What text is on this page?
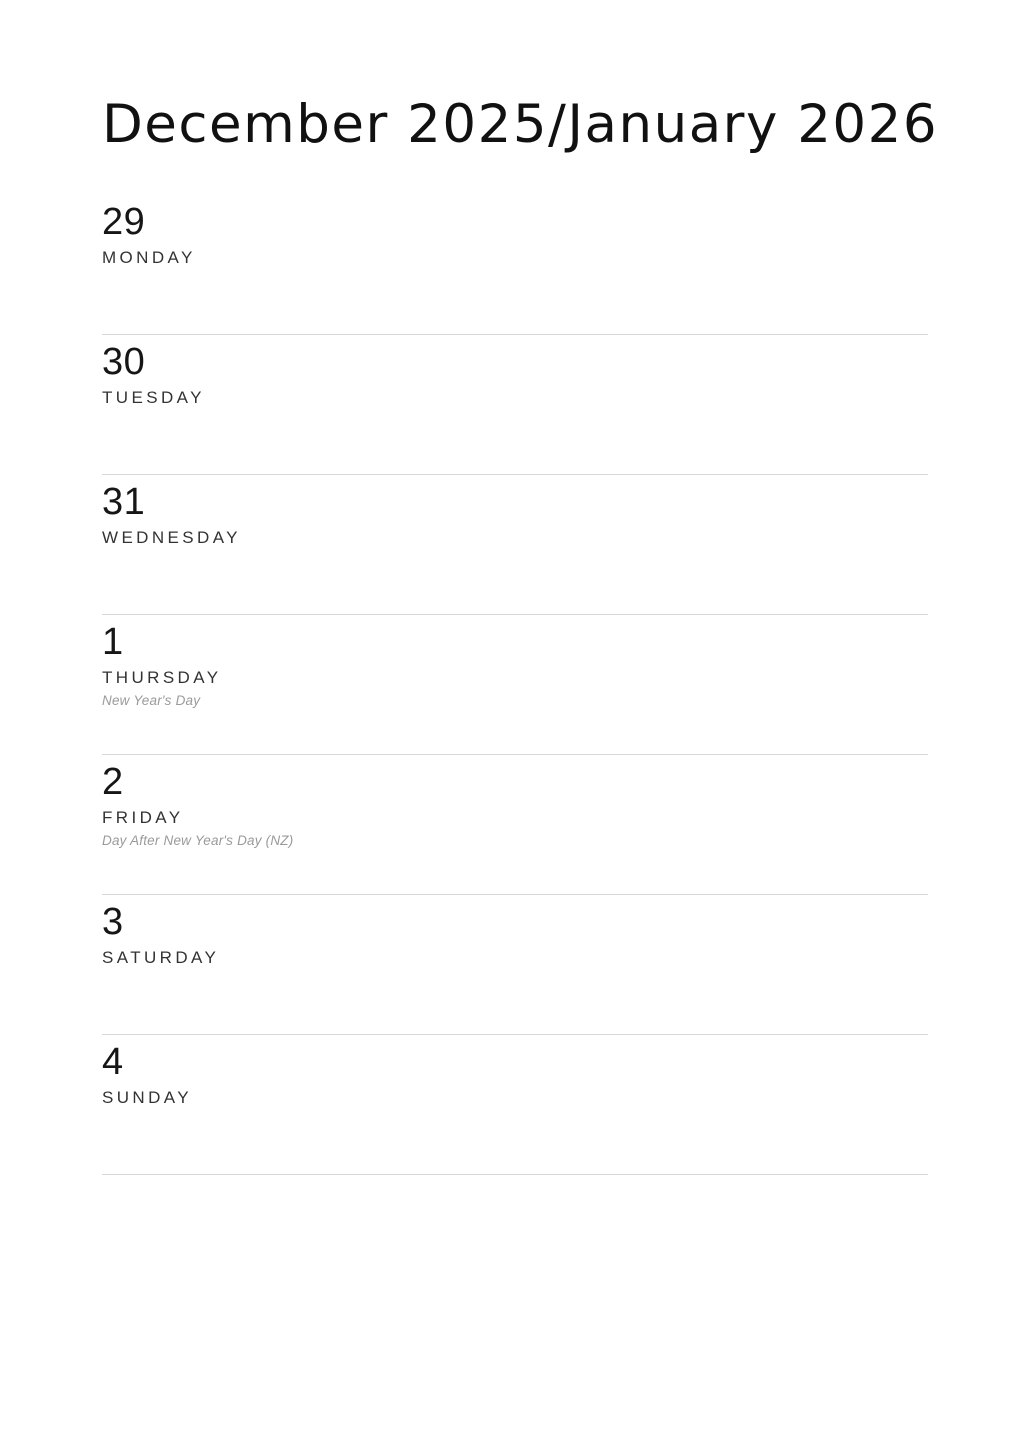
December 2025/January 2026
29
MONDAY
30
TUESDAY
31
WEDNESDAY
1
THURSDAY
New Year's Day
2
FRIDAY
Day After New Year's Day (NZ)
3
SATURDAY
4
SUNDAY
